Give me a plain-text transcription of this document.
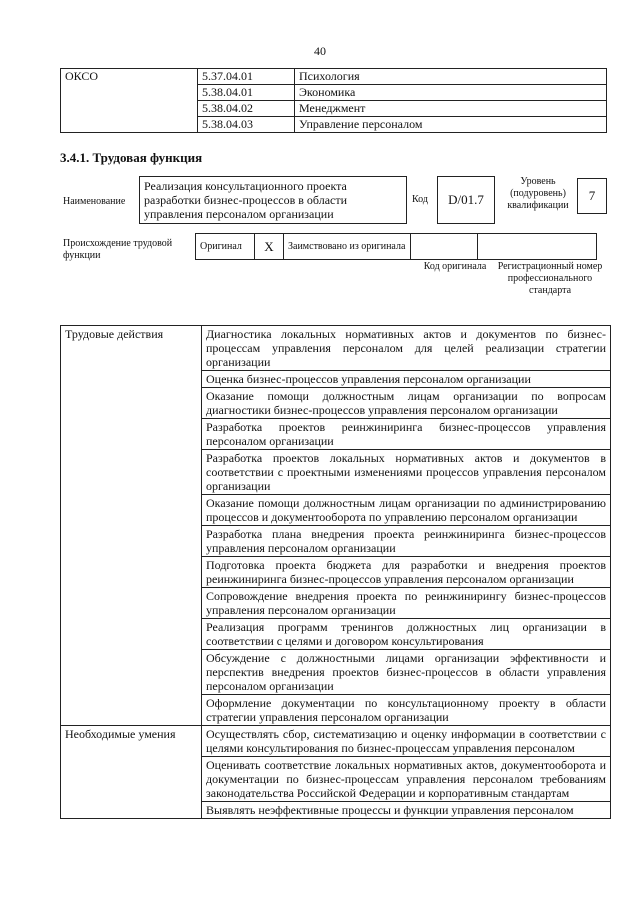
40
ОКСО	5.37.04.01	Психология
	5.38.04.01	Экономика
	5.38.04.02	Менеджмент
	5.38.04.03	Управление персоналом
3.4.1. Трудовая функция
Наименование
Реализация консультационного проекта разработки бизнес-процессов в области управления персоналом организации
Код	D/01.7
Уровень (подуровень) квалификации
7
Происхождение трудовой функции
Оригинал	X	Заимствовано из оригинала		
Код оригинала	Регистрационный номер профессионального стандарта
Трудовые действия	Диагностика локальных нормативных актов и документов по бизнес-процессам управления персоналом для целей реализации стратегии организации
	Оценка бизнес-процессов управления персоналом организации
	Оказание помощи должностным лицам организации по вопросам диагностики бизнес-процессов управления персоналом организации
	Разработка проектов реинжиниринга бизнес-процессов управления персоналом организации
	Разработка проектов локальных нормативных актов и документов в соответствии с проектными изменениями процессов управления персоналом организации
	Оказание помощи должностным лицам организации по администрированию процессов и документооборота по управлению персоналом организации
	Разработка плана внедрения проекта реинжиниринга бизнес-процессов управления персоналом организации
	Подготовка проекта бюджета для разработки и внедрения проектов реинжиниринга бизнес-процессов управления персоналом организации
	Сопровождение внедрения проекта по реинжинирингу бизнес-процессов управления персоналом организации
	Реализация программ тренингов должностных лиц организации в соответствии с целями и договором консультирования
	Обсуждение с должностными лицами организации эффективности и перспектив внедрения проектов бизнес-процессов в области управления персоналом организации
	Оформление документации по консультационному проекту в области стратегии управления персоналом организации
Необходимые умения	Осуществлять сбор, систематизацию и оценку информации в соответствии с целями консультирования по бизнес-процессам управления персоналом
	Оценивать соответствие локальных нормативных актов, документооборота и документации по бизнес-процессам управления персоналом требованиям законодательства Российской Федерации и корпоративным стандартам
	Выявлять неэффективные процессы и функции управления персоналом
